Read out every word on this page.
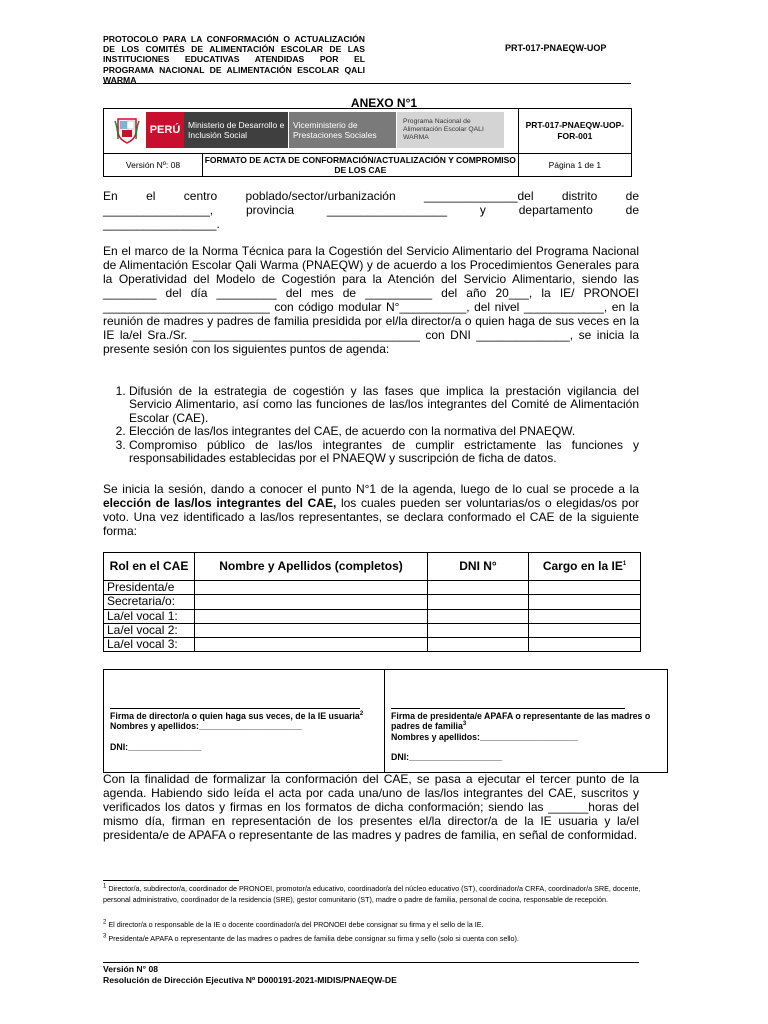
PROTOCOLO PARA LA CONFORMACIÓN O ACTUALIZACIÓN DE LOS COMITÉS DE ALIMENTACIÓN ESCOLAR DE LAS INSTITUCIONES EDUCATIVAS ATENDIDAS POR EL PROGRAMA NACIONAL DE ALIMENTACIÓN ESCOLAR QALI WARMA
PRT-017-PNAEQW-UOP
ANEXO N°1
PERÚ Ministerio de Desarrollo e Inclusión Social
Viceministerio de Prestaciones Sociales
Programa Nacional de Alimentación Escolar QALI WARMA		PRT-017-PNAEQW-UOP-FOR-001
Versión Nº: 08	FORMATO DE ACTA DE CONFORMACIÓN/ACTUALIZACIÓN Y COMPROMISO DE LOS CAE	Página 1 de 1
En el centro poblado/sector/urbanización ______________del distrito de
________________, provincia __________________ y departamento de
_________________.
En el marco de la Norma Técnica para la Cogestión del Servicio Alimentario del Programa Nacional de Alimentación Escolar Qali Warma (PNAEQW) y de acuerdo a los Procedimientos Generales para la Operatividad del Modelo de Cogestión para la Atención del Servicio Alimentario, siendo las ________ del día _________ del mes de __________ del año 20___, la IE/ PRONOEI _________________________ con código modular N°__________, del nivel ____________, en la reunión de madres y padres de familia presidida por el/la director/a o quien haga de sus veces en la IE la/el Sra./Sr. __________________________________ con DNI ______________, se inicia la presente sesión con los siguientes puntos de agenda:
1. Difusión de la estrategia de cogestión y las fases que implica la prestación vigilancia del Servicio Alimentario, así como las funciones de las/los integrantes del Comité de Alimentación Escolar (CAE).
2. Elección de las/los integrantes del CAE, de acuerdo con la normativa del PNAEQW.
3. Compromiso público de las/los integrantes de cumplir estrictamente las funciones y responsabilidades establecidas por el PNAEQW y suscripción de ficha de datos.
Se inicia la sesión, dando a conocer el punto N°1 de la agenda, luego de lo cual se procede a la elección de las/los integrantes del CAE, los cuales pueden ser voluntarias/os o elegidas/os por voto. Una vez identificado a las/los representantes, se declara conformado el CAE de la siguiente forma:
Rol en el CAE	Nombre y Apellidos (completos)	DNI N°	Cargo en la $IE^1$
Presidenta/e			
Secretaria/o:			
La/el vocal 1:			
La/el vocal 2:			
La/el vocal 3:			
Firma de director/a o quien haga sus veces, de la IE usuaria$^2$
Nombres y apellidos:_____________________
DNI:_______________
Firma de presidenta/e APAFA o representante de las madres o padres de familia$^3$
Nombres y apellidos:____________________
DNI:___________________
Con la finalidad de formalizar la conformación del CAE, se pasa a ejecutar el tercer punto de la agenda. Habiendo sido leída el acta por cada una/uno de las/los integrantes del CAE, suscritos y verificados los datos y firmas en los formatos de dicha conformación; siendo las ______horas del mismo día, firman en representación de los presentes el/la director/a de la IE usuaria y la/el presidenta/e de APAFA o representante de las madres y padres de familia, en señal de conformidad.
$^1$ Director/a, subdirector/a, coordinador de PRONOEI, promotor/a educativo, coordinador/a del núcleo educativo (ST), coordinador/a CRFA, coordinador/a SRE, docente, personal administrativo, coordinador de la residencia (SRE), gestor comunitario (ST), madre o padre de familia, personal de cocina, responsable de recepción.
$^2$ El director/a o responsable de la IE o docente coordinador/a del PRONOEI debe consignar su firma y el sello de la IE.
$^3$ Presidenta/e APAFA o representante de las madres o padres de familia debe consignar su firma y sello (solo si cuenta con sello).
Versión N° 08
Resolución de Dirección Ejecutiva Nº D000191-2021-MIDIS/PNAEQW-DE
